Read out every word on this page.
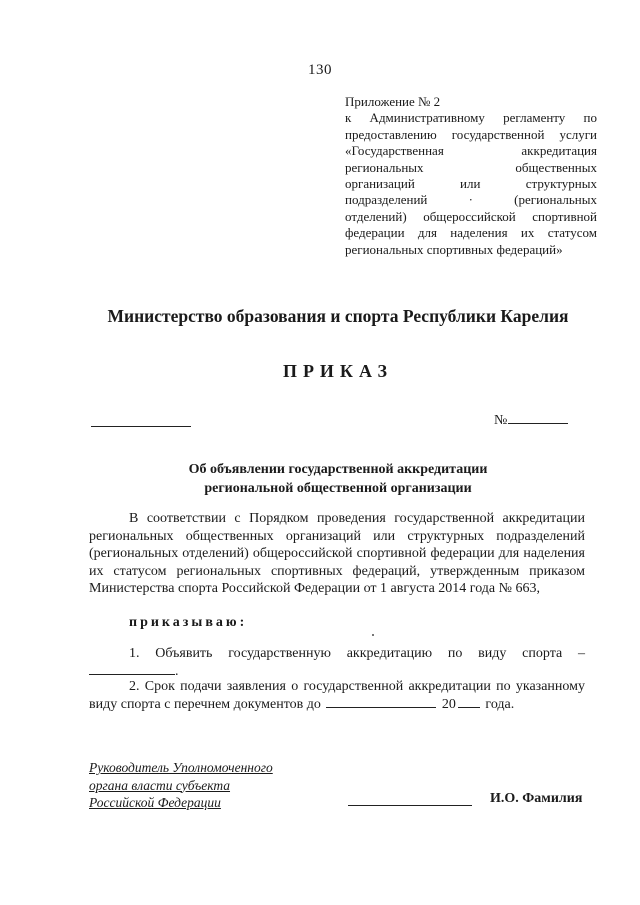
130
Приложение № 2
к Административному регламенту по
предоставлению государственной услуги
«Государственная аккредитация
региональных общественных
организаций или структурных
подразделений · (региональных
отделений) общероссийской спортивной
федерации для наделения их статусом
региональных спортивных федераций»
Министерство образования и спорта Республики Карелия
ПРИКАЗ
№
Об объявлении государственной аккредитации
региональной общественной организации

В соответствии с Порядком проведения государственной аккредитации региональных общественных организаций или структурных подразделений (региональных отделений) общероссийской спортивной федерации для наделения их статусом региональных спортивных федераций, утвержденным приказом Министерства спорта Российской Федерации от 1 августа 2014 года № 663,

приказываю:
1. Объявить государственную аккредитацию по виду спорта –
.

2. Срок подачи заявления о государственной аккредитации по указанному виду спорта с перечнем документов до	20 года.

Руководитель Уполномоченного
органа власти субъекта
Российской Федерации	И.О. Фамилия
